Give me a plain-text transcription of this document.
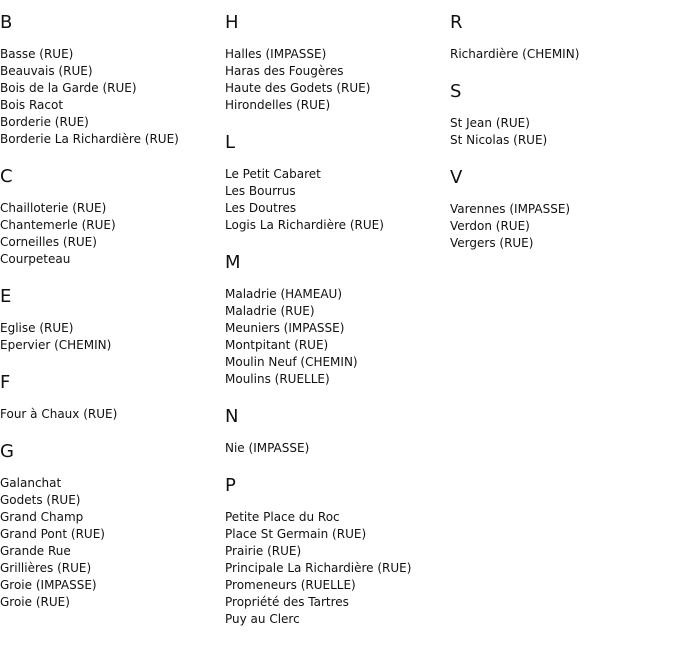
B
Basse (RUE)
Beauvais (RUE)
Bois de la Garde (RUE)
Bois Racot
Borderie (RUE)
Borderie La Richardière (RUE)
C
Chailloterie (RUE)
Chantemerle (RUE)
Corneilles (RUE)
Courpeteau
E
Eglise (RUE)
Epervier (CHEMIN)
F
Four à Chaux (RUE)
G
Galanchat
Godets (RUE)
Grand Champ
Grand Pont (RUE)
Grande Rue
Grillières (RUE)
Groie (IMPASSE)
Groie (RUE)
H
Halles (IMPASSE)
Haras des Fougères
Haute des Godets (RUE)
Hirondelles (RUE)
L
Le Petit Cabaret
Les Bourrus
Les Doutres
Logis La Richardière (RUE)
M
Maladrie (HAMEAU)
Maladrie (RUE)
Meuniers (IMPASSE)
Montpitant (RUE)
Moulin Neuf (CHEMIN)
Moulins (RUELLE)
N
Nie (IMPASSE)
P
Petite Place du Roc
Place St Germain (RUE)
Prairie (RUE)
Principale La Richardière (RUE)
Promeneurs (RUELLE)
Propriété des Tartres
Puy au Clerc
R
Richardière (CHEMIN)
S
St Jean (RUE)
St Nicolas (RUE)
V
Varennes (IMPASSE)
Verdon (RUE)
Vergers (RUE)
